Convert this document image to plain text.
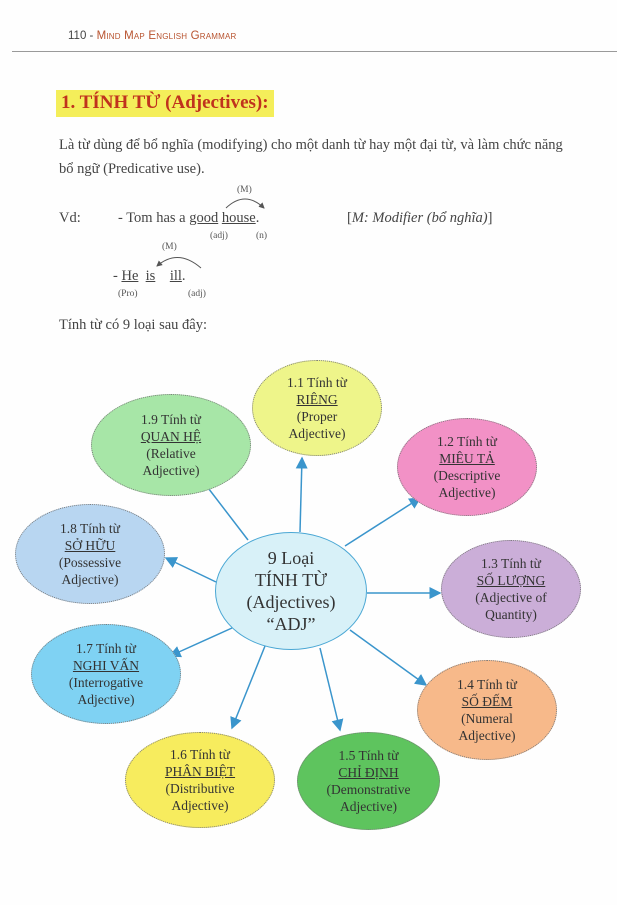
110 - Mind Map English Grammar
1. TÍNH TỪ (Adjectives):
Là từ dùng để bổ nghĩa (modifying) cho một danh từ hay một đại từ, và làm chức năng bổ ngữ (Predicative use).
Vd:
(M)
- Tom has a good house.
(adj)	(n)
[M: Modifier (bổ nghĩa)]
(M)
- He is ill.
(Pro)	(adj)
Tính từ có 9 loại sau đây:
9 Loại
TÍNH TỪ
(Adjectives)
“ADJ”
1.1 Tính từ
RIÊNG
(Proper
Adjective)
1.2 Tính từ
MIÊU TẢ
(Descriptive
Adjective)
1.3 Tính từ
SỐ LƯỢNG
(Adjective of
Quantity)
1.4 Tính từ
SỐ ĐẾM
(Numeral
Adjective)
1.5 Tính từ
CHỈ ĐỊNH
(Demonstrative
Adjective)
1.6 Tính từ
PHÂN BIỆT
(Distributive
Adjective)
1.7 Tính từ
NGHI VẤN
(Interrogative
Adjective)
1.8 Tính từ
SỞ HỮU
(Possessive
Adjective)
1.9 Tính từ
QUAN HỆ
(Relative
Adjective)
